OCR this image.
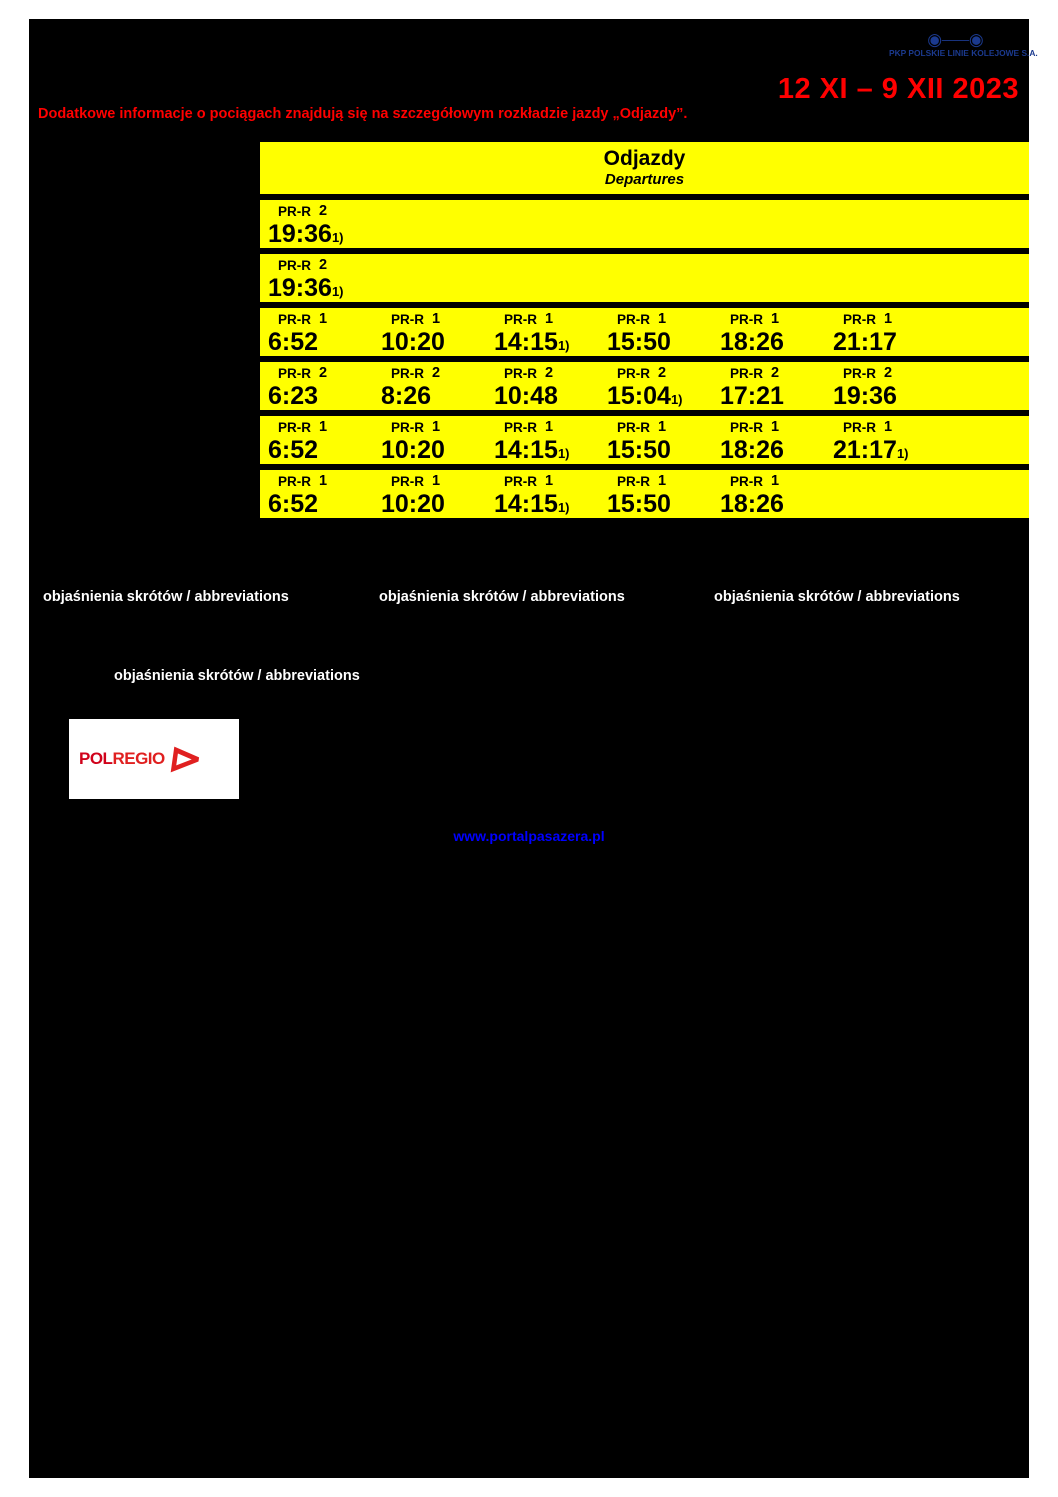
◉⸺◉
PKP POLSKIE LINIE KOLEJOWE S.A.
12 XI – 9 XII 2023
Dodatkowe informacje o pociągach znajdują się na szczegółowym rozkładzie jazdy „Odjazdy”.
Odjazdy
Departures
PR-R 2
19:361)
PR-R 2
19:361)
PR-R 1
6:52
PR-R 1
10:20
PR-R 1
14:151)
PR-R 1
15:50
PR-R 1
18:26
PR-R 1
21:17
PR-R 2
6:23
PR-R 2
8:26
PR-R 2
10:48
PR-R 2
15:041)
PR-R 2
17:21
PR-R 2
19:36
PR-R 1
6:52
PR-R 1
10:20
PR-R 1
14:151)
PR-R 1
15:50
PR-R 1
18:26
PR-R 1
21:171)
PR-R 1
6:52
PR-R 1
10:20
PR-R 1
14:151)
PR-R 1
15:50
PR-R 1
18:26
objaśnienia skrótów / abbreviations	objaśnienia skrótów / abbreviations	objaśnienia skrótów / abbreviations
objaśnienia skrótów / abbreviations
POLREGIO ⊳
www.portalpasazera.pl
